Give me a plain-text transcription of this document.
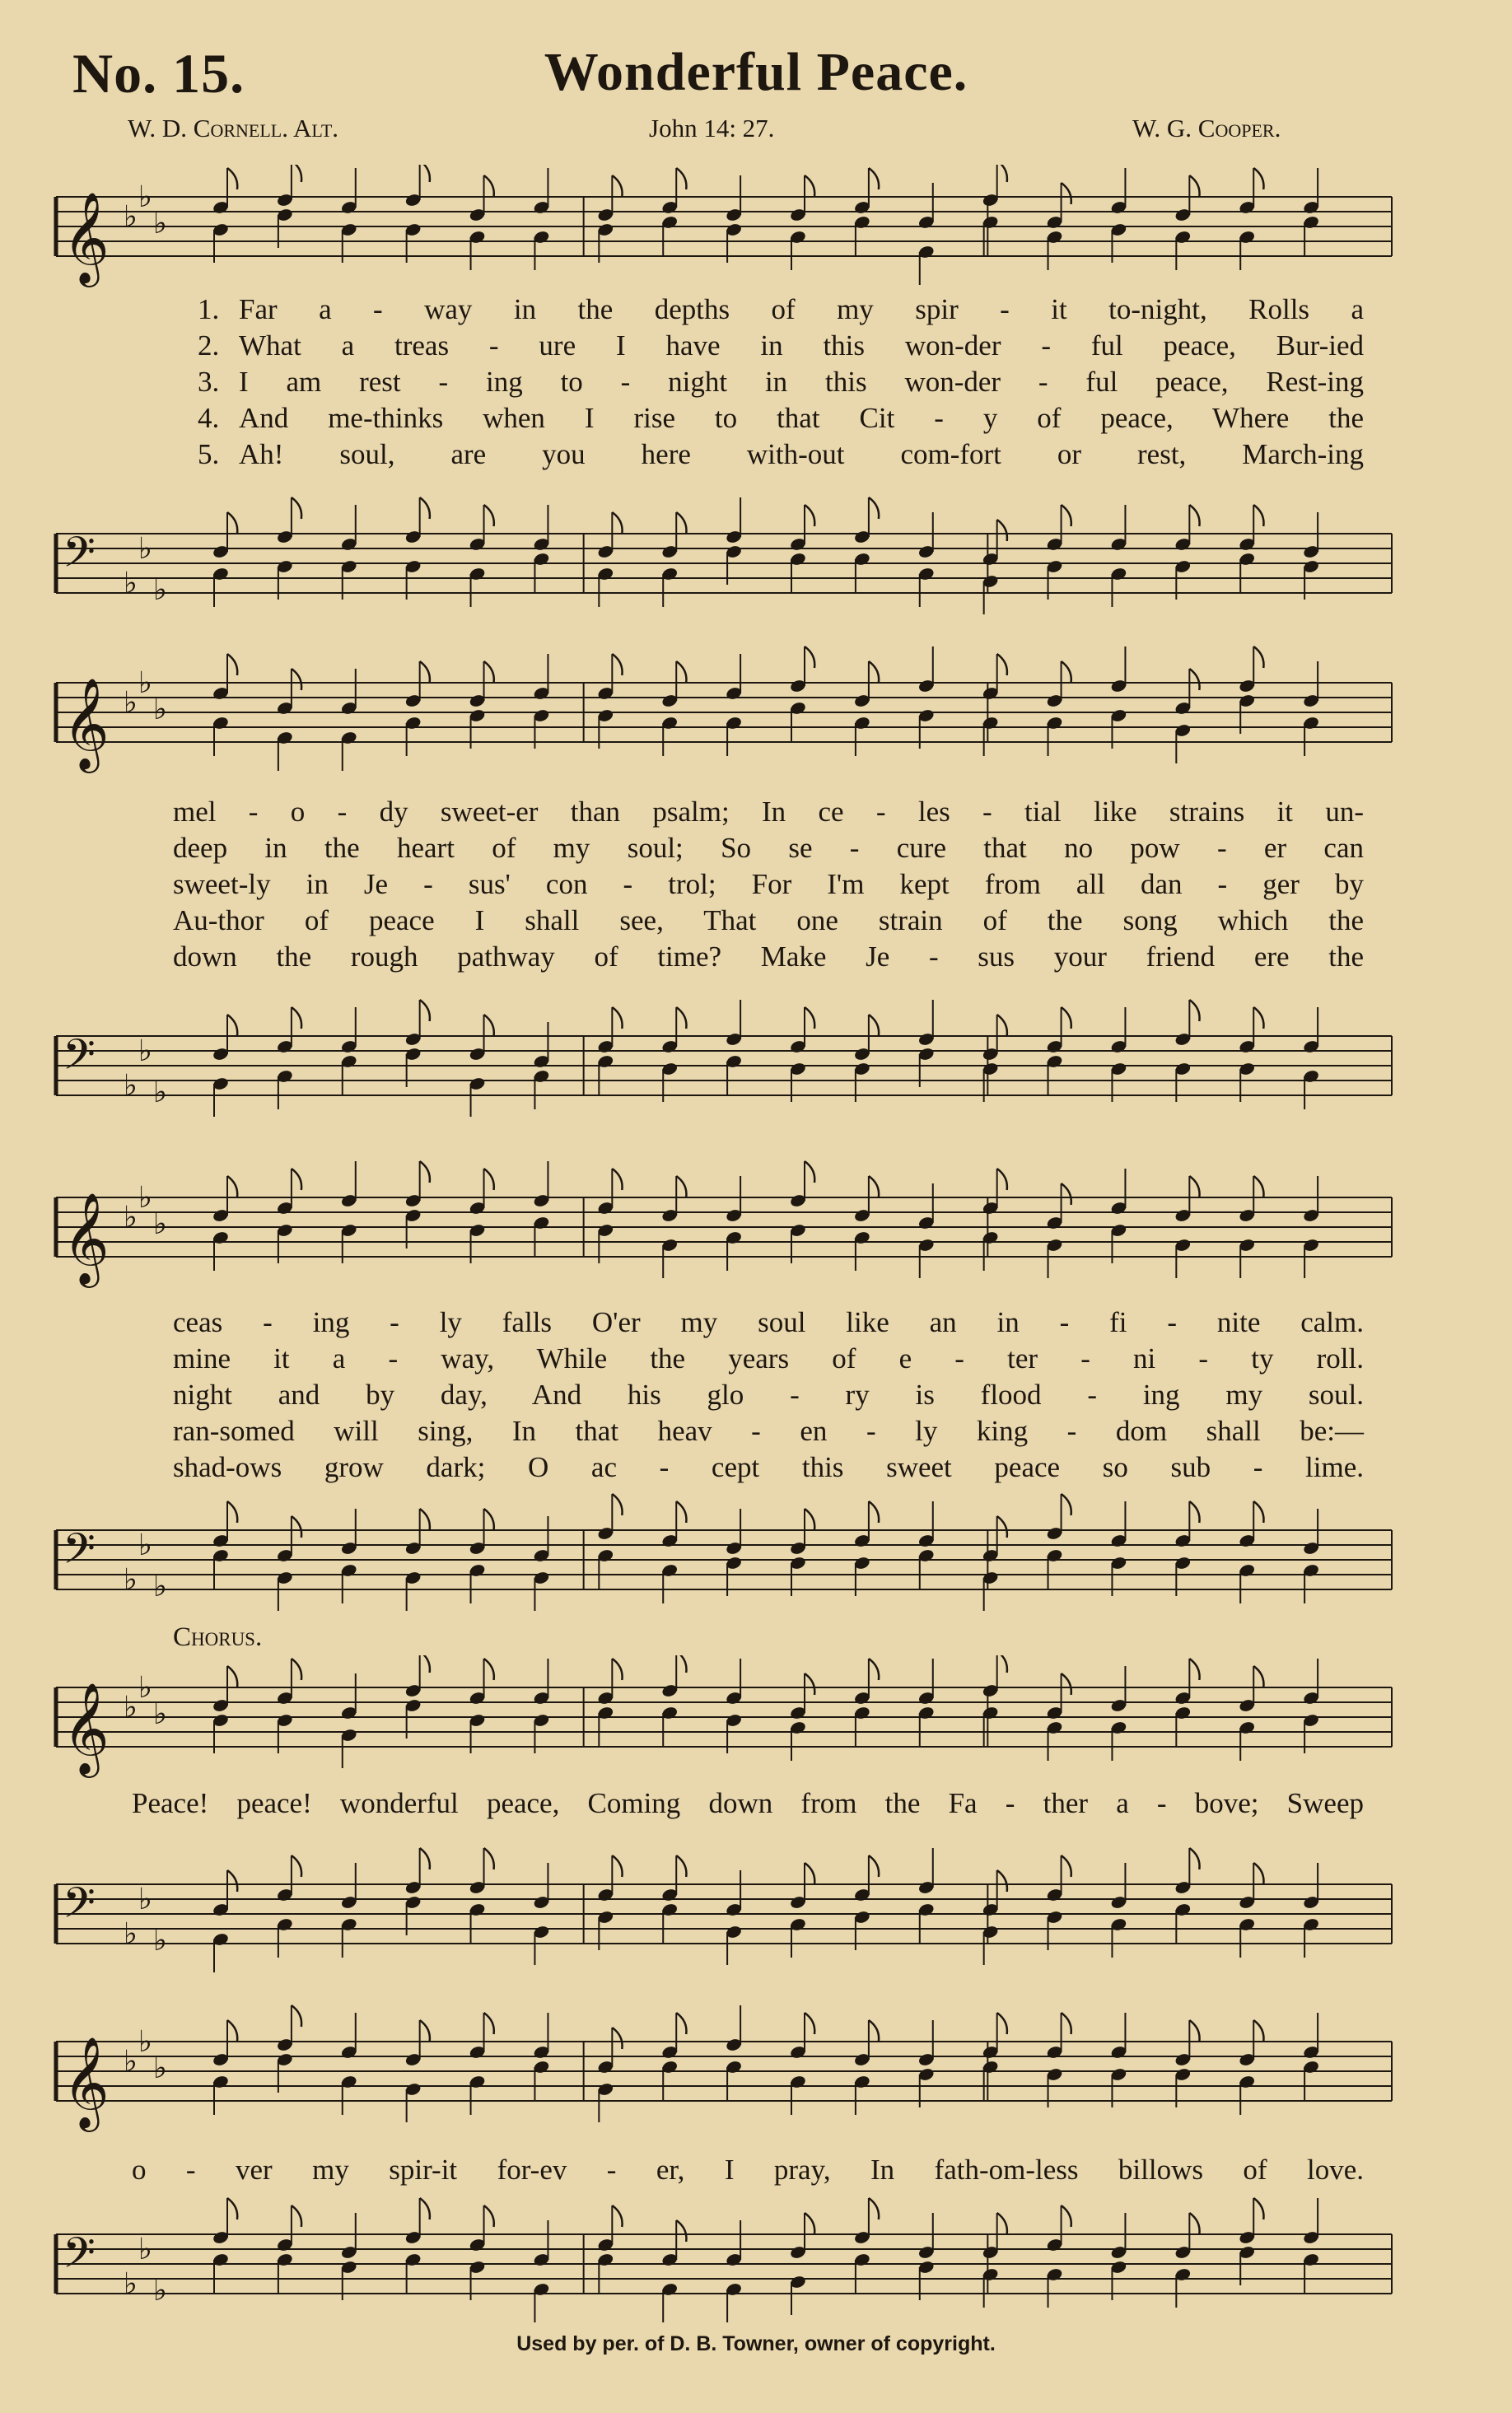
No. 15.	Wonderful Peace.
W. D. Cornell. Alt.	John 14: 27.	W. G. Cooper.
𝄞 ♭
♭
♭
1. Far a - way in the depths of my spir - it to-night, Rolls a
2. What a treas - ure I have in this won-der - ful peace, Bur-ied
3. I am rest - ing to - night in this won-der - ful peace, Rest-ing
4. And me-thinks when I rise to that Cit - y of peace, Where the
5. Ah! soul, are you here with-out com-fort or rest, March-ing
𝄢 ♭
♭
♭
𝄞 ♭
♭
♭
mel - o - dy sweet-er than psalm; In ce - les - tial like strains it un-
deep in the heart of my soul; So se - cure that no pow - er can
sweet-ly in Je - sus' con - trol; For I'm kept from all dan - ger by
Au-thor of peace I shall see, That one strain of the song which the
down the rough pathway of time? Make Je - sus your friend ere the
𝄢 ♭
♭
♭
𝄞 ♭
♭
♭
ceas - ing - ly falls O'er my soul like an in - fi - nite calm.
mine it a - way, While the years of e - ter - ni - ty roll.
night and by day, And his glo - ry is flood - ing my soul.
ran-somed will sing, In that heav - en - ly king - dom shall be:—
shad-ows grow dark; O ac - cept this sweet peace so sub - lime.
𝄢 ♭
♭
♭
Chorus.
𝄞 ♭
♭
♭
Peace! peace! wonderful peace, Coming down from the Fa - ther a - bove; Sweep
𝄢 ♭
♭
♭
𝄞 ♭
♭
♭
o - ver my spir-it for-ev - er, I pray, In fath-om-less billows of love.
𝄢 ♭
♭
♭
Used by per. of D. B. Towner, owner of copyright.
